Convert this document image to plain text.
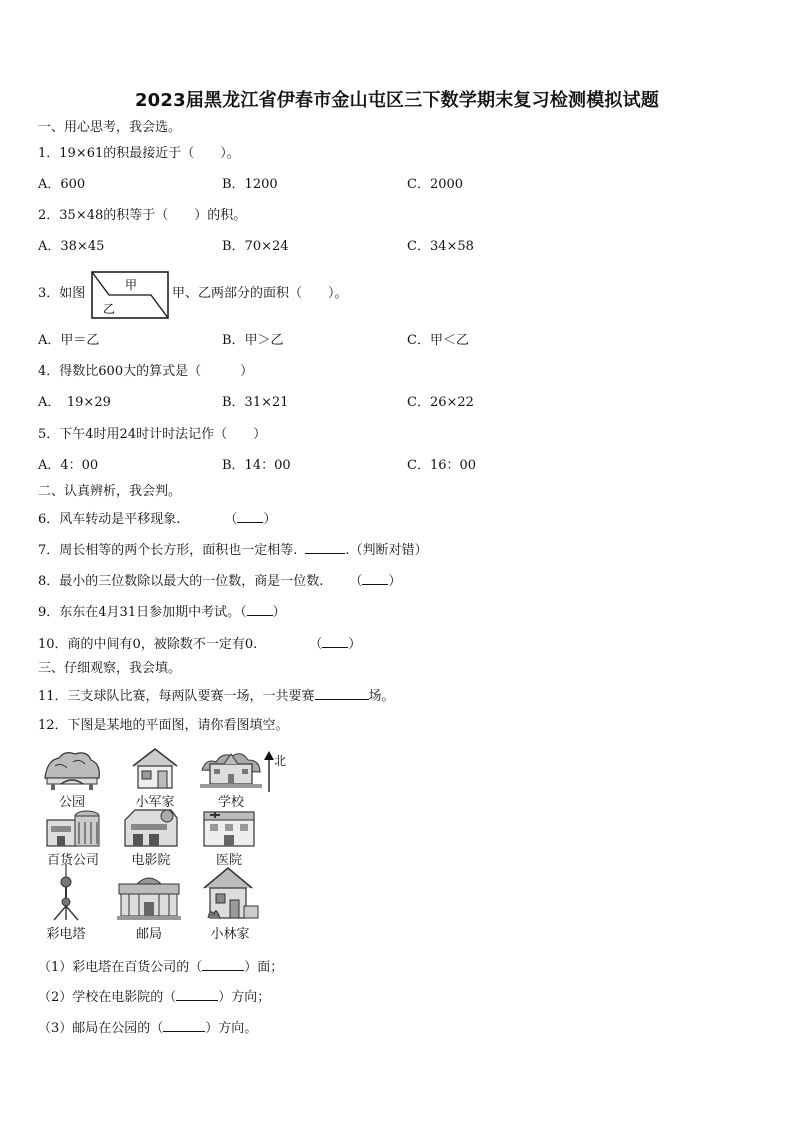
2023届黑龙江省伊春市金山屯区三下数学期末复习检测模拟试题
一、用心思考，我会选。
1．19×61的积最接近于（　　）。
A．600	B．1200	C．2000
2．35×48的积等于（　　）的积。
A．38×45	B．70×24	C．34×58
3．如图
甲
乙
甲、乙两部分的面积（　　）。
A．甲＝乙	B．甲＞乙	C．甲＜乙
4．得数比600大的算式是（　　　）
A．　19×29	B．31×21	C．26×22
5．下午4时用24时计时法记作（　　）
A．4：00	B．14：00	C．16：00
二、认真辨析，我会判。
6．风车转动是平移现象.	（ ）
7．周长相等的两个长方形，面积也一定相等.	.（判断对错）
8．最小的三位数除以最大的一位数，商是一位数. （ ）
9．东东在4月31日参加期中考试。（ ）
10．商的中间有0，被除数不一定有0.	（ ）
三、仔细观察，我会填。
11．三支球队比赛，每两队要赛一场，一共要赛	场。
12．下图是某地的平面图，请你看图填空。
公园	小军家	学校
北
百货公司	电影院	医院
彩电塔	邮局	小林家
（1）彩电塔在百货公司的（	）面；
（2）学校在电影院的（	）方向；
（3）邮局在公园的（	）方向。
